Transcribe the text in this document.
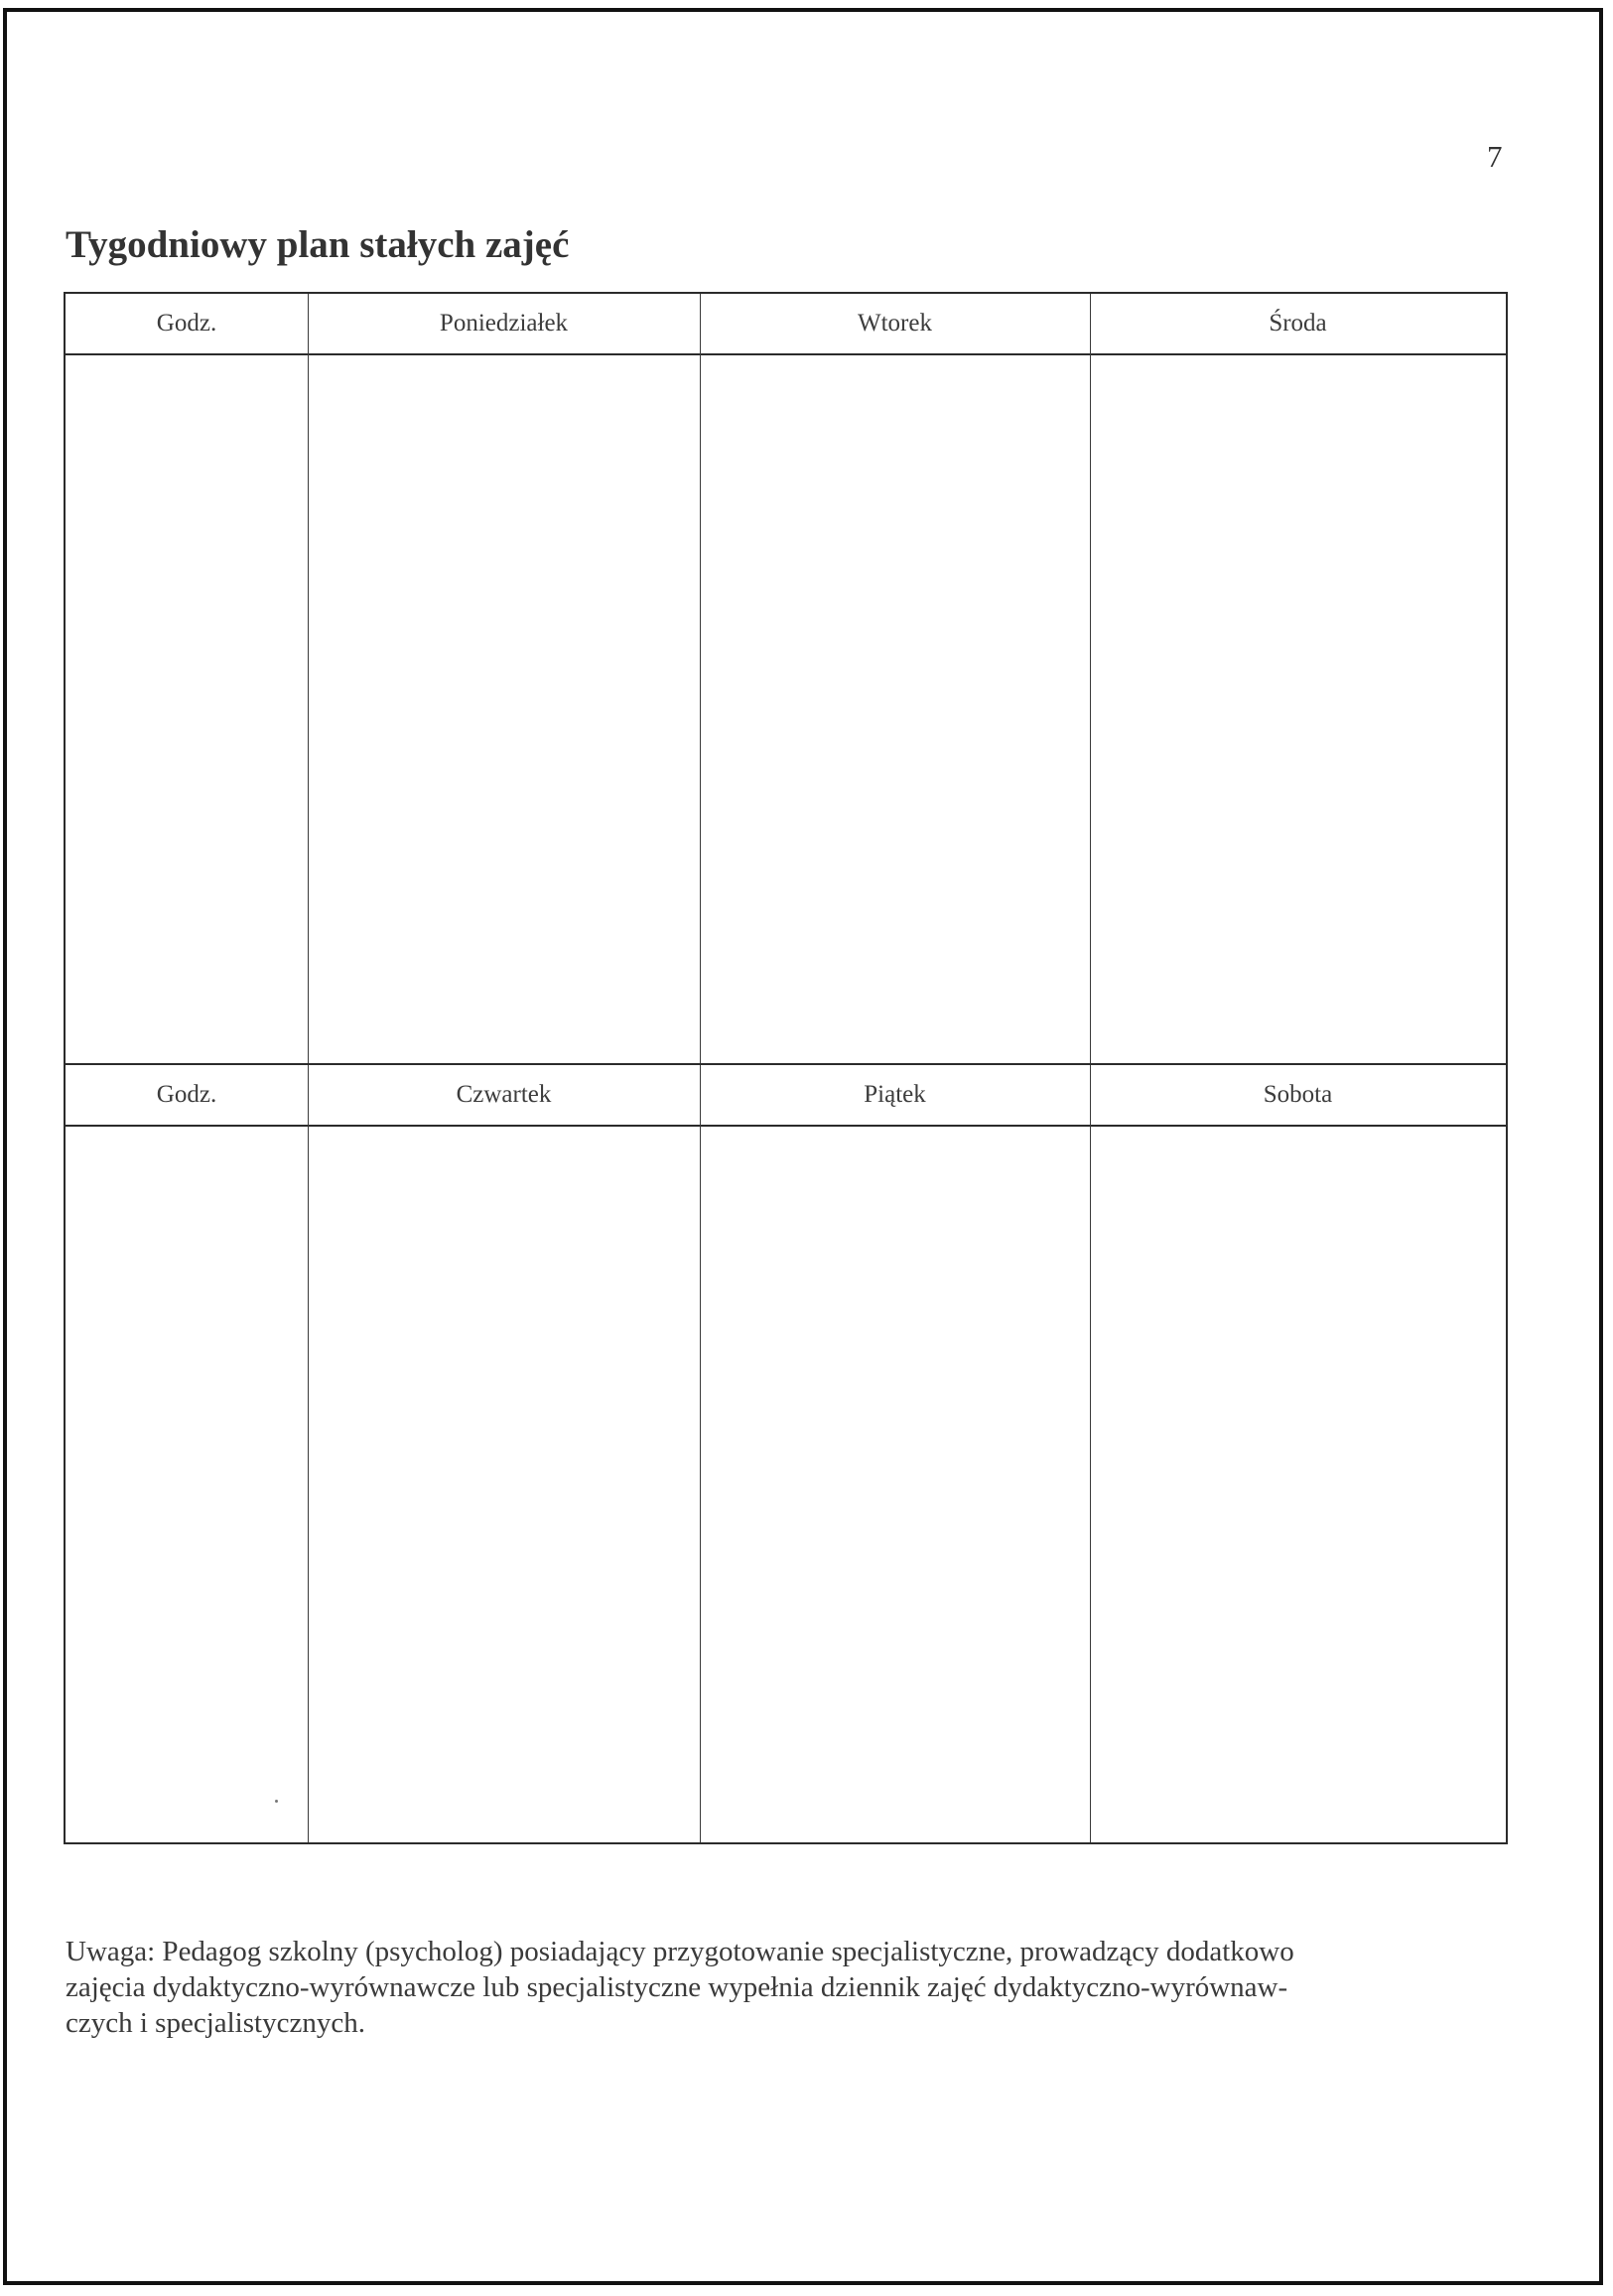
7
Tygodniowy plan stałych zajęć
Godz.	Poniedziałek	Wtorek	Środa
Godz.	Czwartek	Piątek	Sobota

Uwaga: Pedagog szkolny (psycholog) posiadający przygotowanie specjalistyczne, prowadzący dodatkowo

zajęcia dydaktyczno-wyrównawcze lub specjalistyczne wypełnia dziennik zajęć dydaktyczno-wyrównaw-

czych i specjalistycznych.
